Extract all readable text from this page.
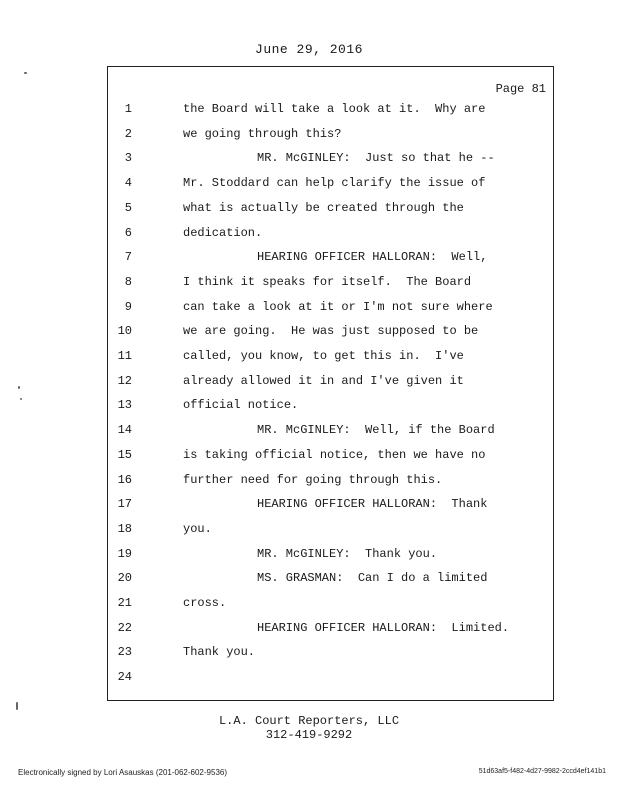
June 29, 2016
Page 81
1	the Board will take a look at it.  Why are
2	we going through this?
3	MR. McGINLEY:  Just so that he --
4	Mr. Stoddard can help clarify the issue of
5	what is actually be created through the
6	dedication.
7	HEARING OFFICER HALLORAN:  Well,
8	I think it speaks for itself.  The Board
9	can take a look at it or I'm not sure where
10	we are going.  He was just supposed to be
11	called, you know, to get this in.  I've
12	already allowed it in and I've given it
13	official notice.
14	MR. McGINLEY:  Well, if the Board
15	is taking official notice, then we have no
16	further need for going through this.
17	HEARING OFFICER HALLORAN:  Thank
18	you.
19	MR. McGINLEY:  Thank you.
20	MS. GRASMAN:  Can I do a limited
21	cross.
22	HEARING OFFICER HALLORAN:  Limited.
23	Thank you.
24
L.A. Court Reporters, LLC
312-419-9292
Electronically signed by Lori Asauskas (201-062-602-9536)	51d63af5-f482-4d27-9982-2ccd4ef141b1
